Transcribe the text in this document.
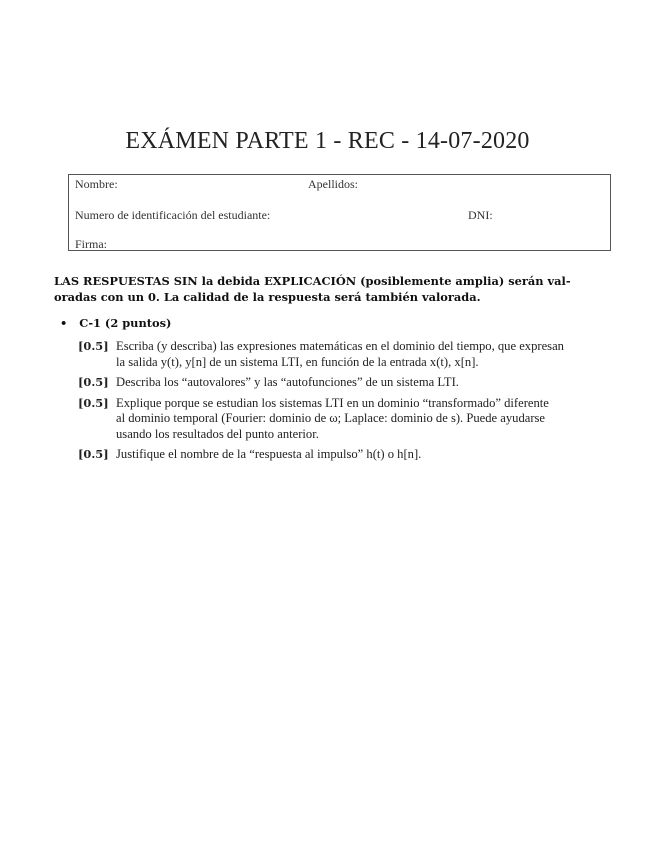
EXÁMEN PARTE 1 - REC - 14-07-2020
Nombre:	Apellidos:
Numero de identificación del estudiante:	DNI:
Firma:
LAS RESPUESTAS SIN la debida EXPLICACIÓN (posiblemente amplia) serán val-
oradas con un 0. La calidad de la respuesta será también valorada.
• C-1 (2 puntos)
[0.5] Escriba (y describa) las expresiones matemáticas en el dominio del tiempo, que expresan
la salida y(t), y[n] de un sistema LTI, en función de la entrada x(t), x[n].
[0.5] Describa los “autovalores” y las “autofunciones” de un sistema LTI.
[0.5] Explique porque se estudian los sistemas LTI en un dominio “transformado” diferente
al dominio temporal (Fourier: dominio de ω; Laplace: dominio de s). Puede ayudarse
usando los resultados del punto anterior.
[0.5] Justifique el nombre de la “respuesta al impulso” h(t) o h[n].
